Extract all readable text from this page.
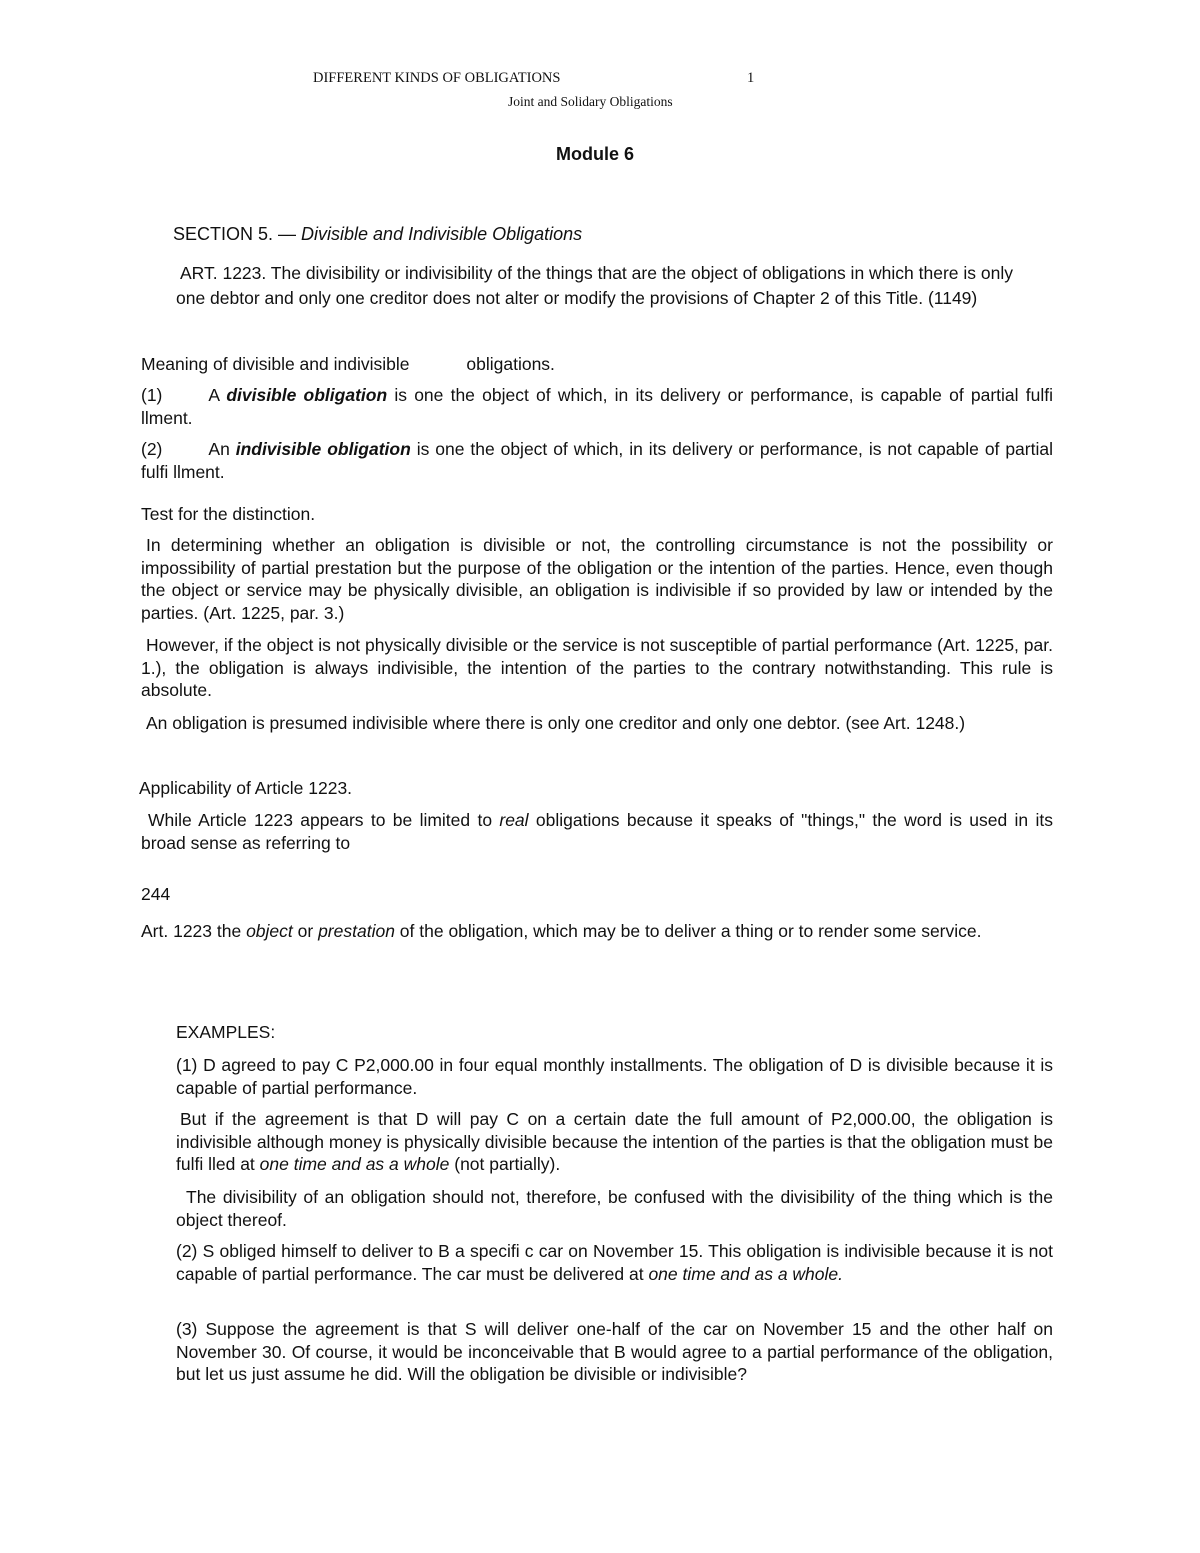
DIFFERENT KINDS OF OBLIGATIONS	1
Joint and Solidary Obligations
Module 6
SECTION 5. — Divisible and Indivisible Obligations

ART. 1223. The divisibility or indivisibility of the things that are the object of obligations in which there is only one debtor and only one creditor does not alter or modify the provisions of Chapter 2 of this Title. (1149)

Meaning of divisible and indivisible	obligations.

(1)	A divisible obligation is one the object of which, in its delivery or performance, is capable of partial fulfi llment.

(2)	An indivisible obligation is one the object of which, in its delivery or performance, is not capable of partial fulfi llment.

Test for the distinction.

In determining whether an obligation is divisible or not, the controlling circumstance is not the possibility or impossibility of partial prestation but the purpose of the obligation or the intention of the parties. Hence, even though the object or service may be physically divisible, an obligation is indivisible if so provided by law or intended by the parties. (Art. 1225, par. 3.)

However, if the object is not physically divisible or the service is not susceptible of partial performance (Art. 1225, par. 1.), the obligation is always indivisible, the intention of the parties to the contrary notwithstanding. This rule is absolute.

An obligation is presumed indivisible where there is only one creditor and only one debtor. (see Art. 1248.)

Applicability of Article 1223.

While Article 1223 appears to be limited to real obligations because it speaks of "things," the word is used in its broad sense as referring to

244

Art. 1223 the object or prestation of the obligation, which may be to deliver a thing or to render some service.

EXAMPLES:

(1) D agreed to pay C P2,000.00 in four equal monthly installments. The obligation of D is divisible because it is capable of partial performance.

But if the agreement is that D will pay C on a certain date the full amount of P2,000.00, the obligation is indivisible although money is physically divisible because the intention of the parties is that the obligation must be fulfi lled at one time and as a whole (not partially).

The divisibility of an obligation should not, therefore, be confused with the divisibility of the thing which is the object thereof.

(2) S obliged himself to deliver to B a specifi c car on November 15. This obligation is indivisible because it is not capable of partial performance. The car must be delivered at one time and as a whole.

(3) Suppose the agreement is that S will deliver one-half of the car on November 15 and the other half on November 30. Of course, it would be inconceivable that B would agree to a partial performance of the obligation, but let us just assume he did. Will the obligation be divisible or indivisible?
